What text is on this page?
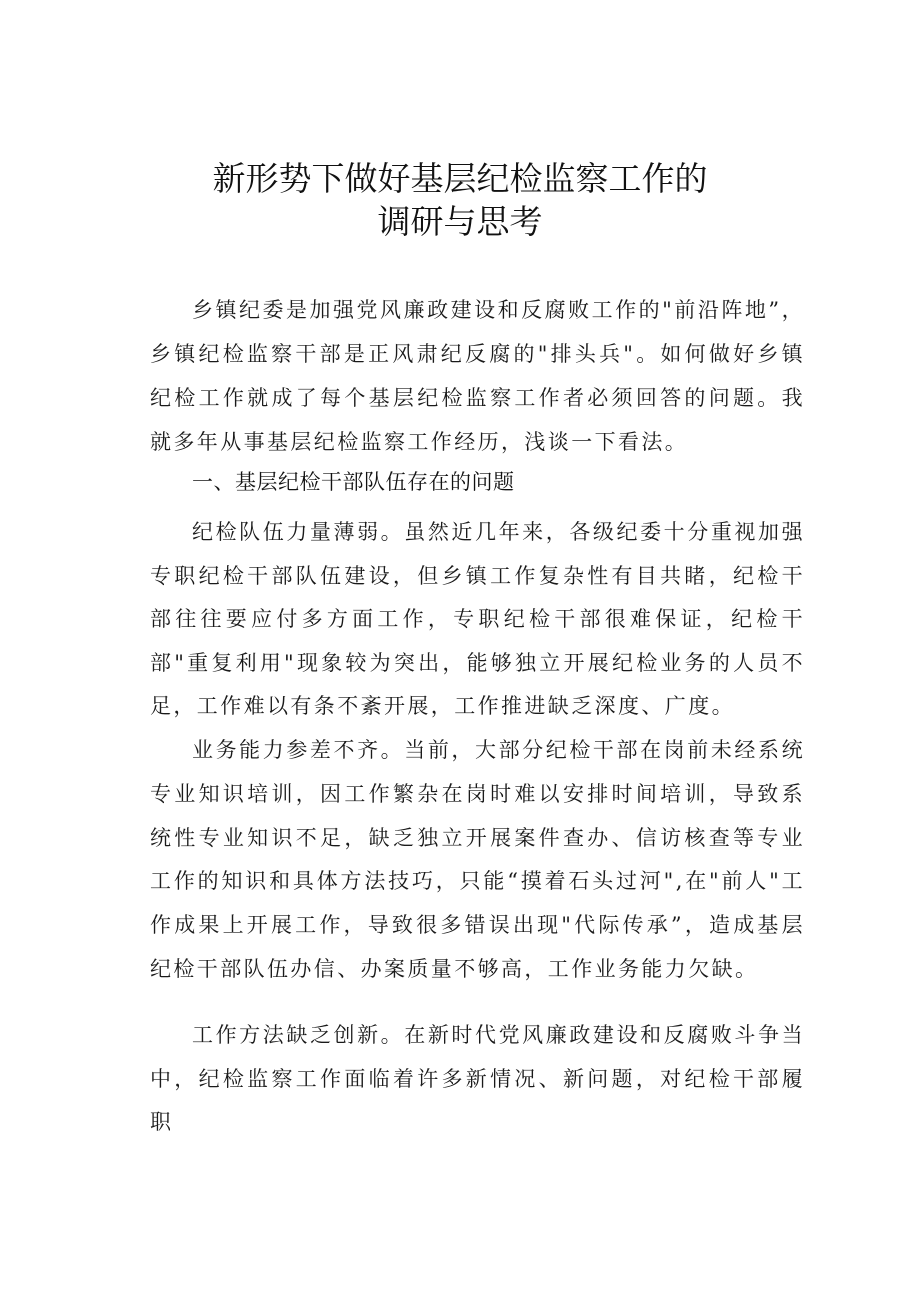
新形势下做好基层纪检监察工作的
调研与思考

乡镇纪委是加强党风廉政建设和反腐败工作的"前沿阵地”，乡镇纪检监察干部是正风肃纪反腐的"排头兵"。如何做好乡镇纪检工作就成了每个基层纪检监察工作者必须回答的问题。我就多年从事基层纪检监察工作经历，浅谈一下看法。

一、基层纪检干部队伍存在的问题

纪检队伍力量薄弱。虽然近几年来，各级纪委十分重视加强专职纪检干部队伍建设，但乡镇工作复杂性有目共睹，纪检干部往往要应付多方面工作，专职纪检干部很难保证，纪检干部"重复利用"现象较为突出，能够独立开展纪检业务的人员不足，工作难以有条不紊开展，工作推进缺乏深度、广度。

业务能力参差不齐。当前，大部分纪检干部在岗前未经系统专业知识培训，因工作繁杂在岗时难以安排时间培训，导致系统性专业知识不足，缺乏独立开展案件查办、信访核查等专业工作的知识和具体方法技巧，只能“摸着石头过河",在"前人"工作成果上开展工作，导致很多错误出现"代际传承”，造成基层纪检干部队伍办信、办案质量不够高，工作业务能力欠缺。

工作方法缺乏创新。在新时代党风廉政建设和反腐败斗争当中，纪检监察工作面临着许多新情况、新问题，对纪检干部履职
